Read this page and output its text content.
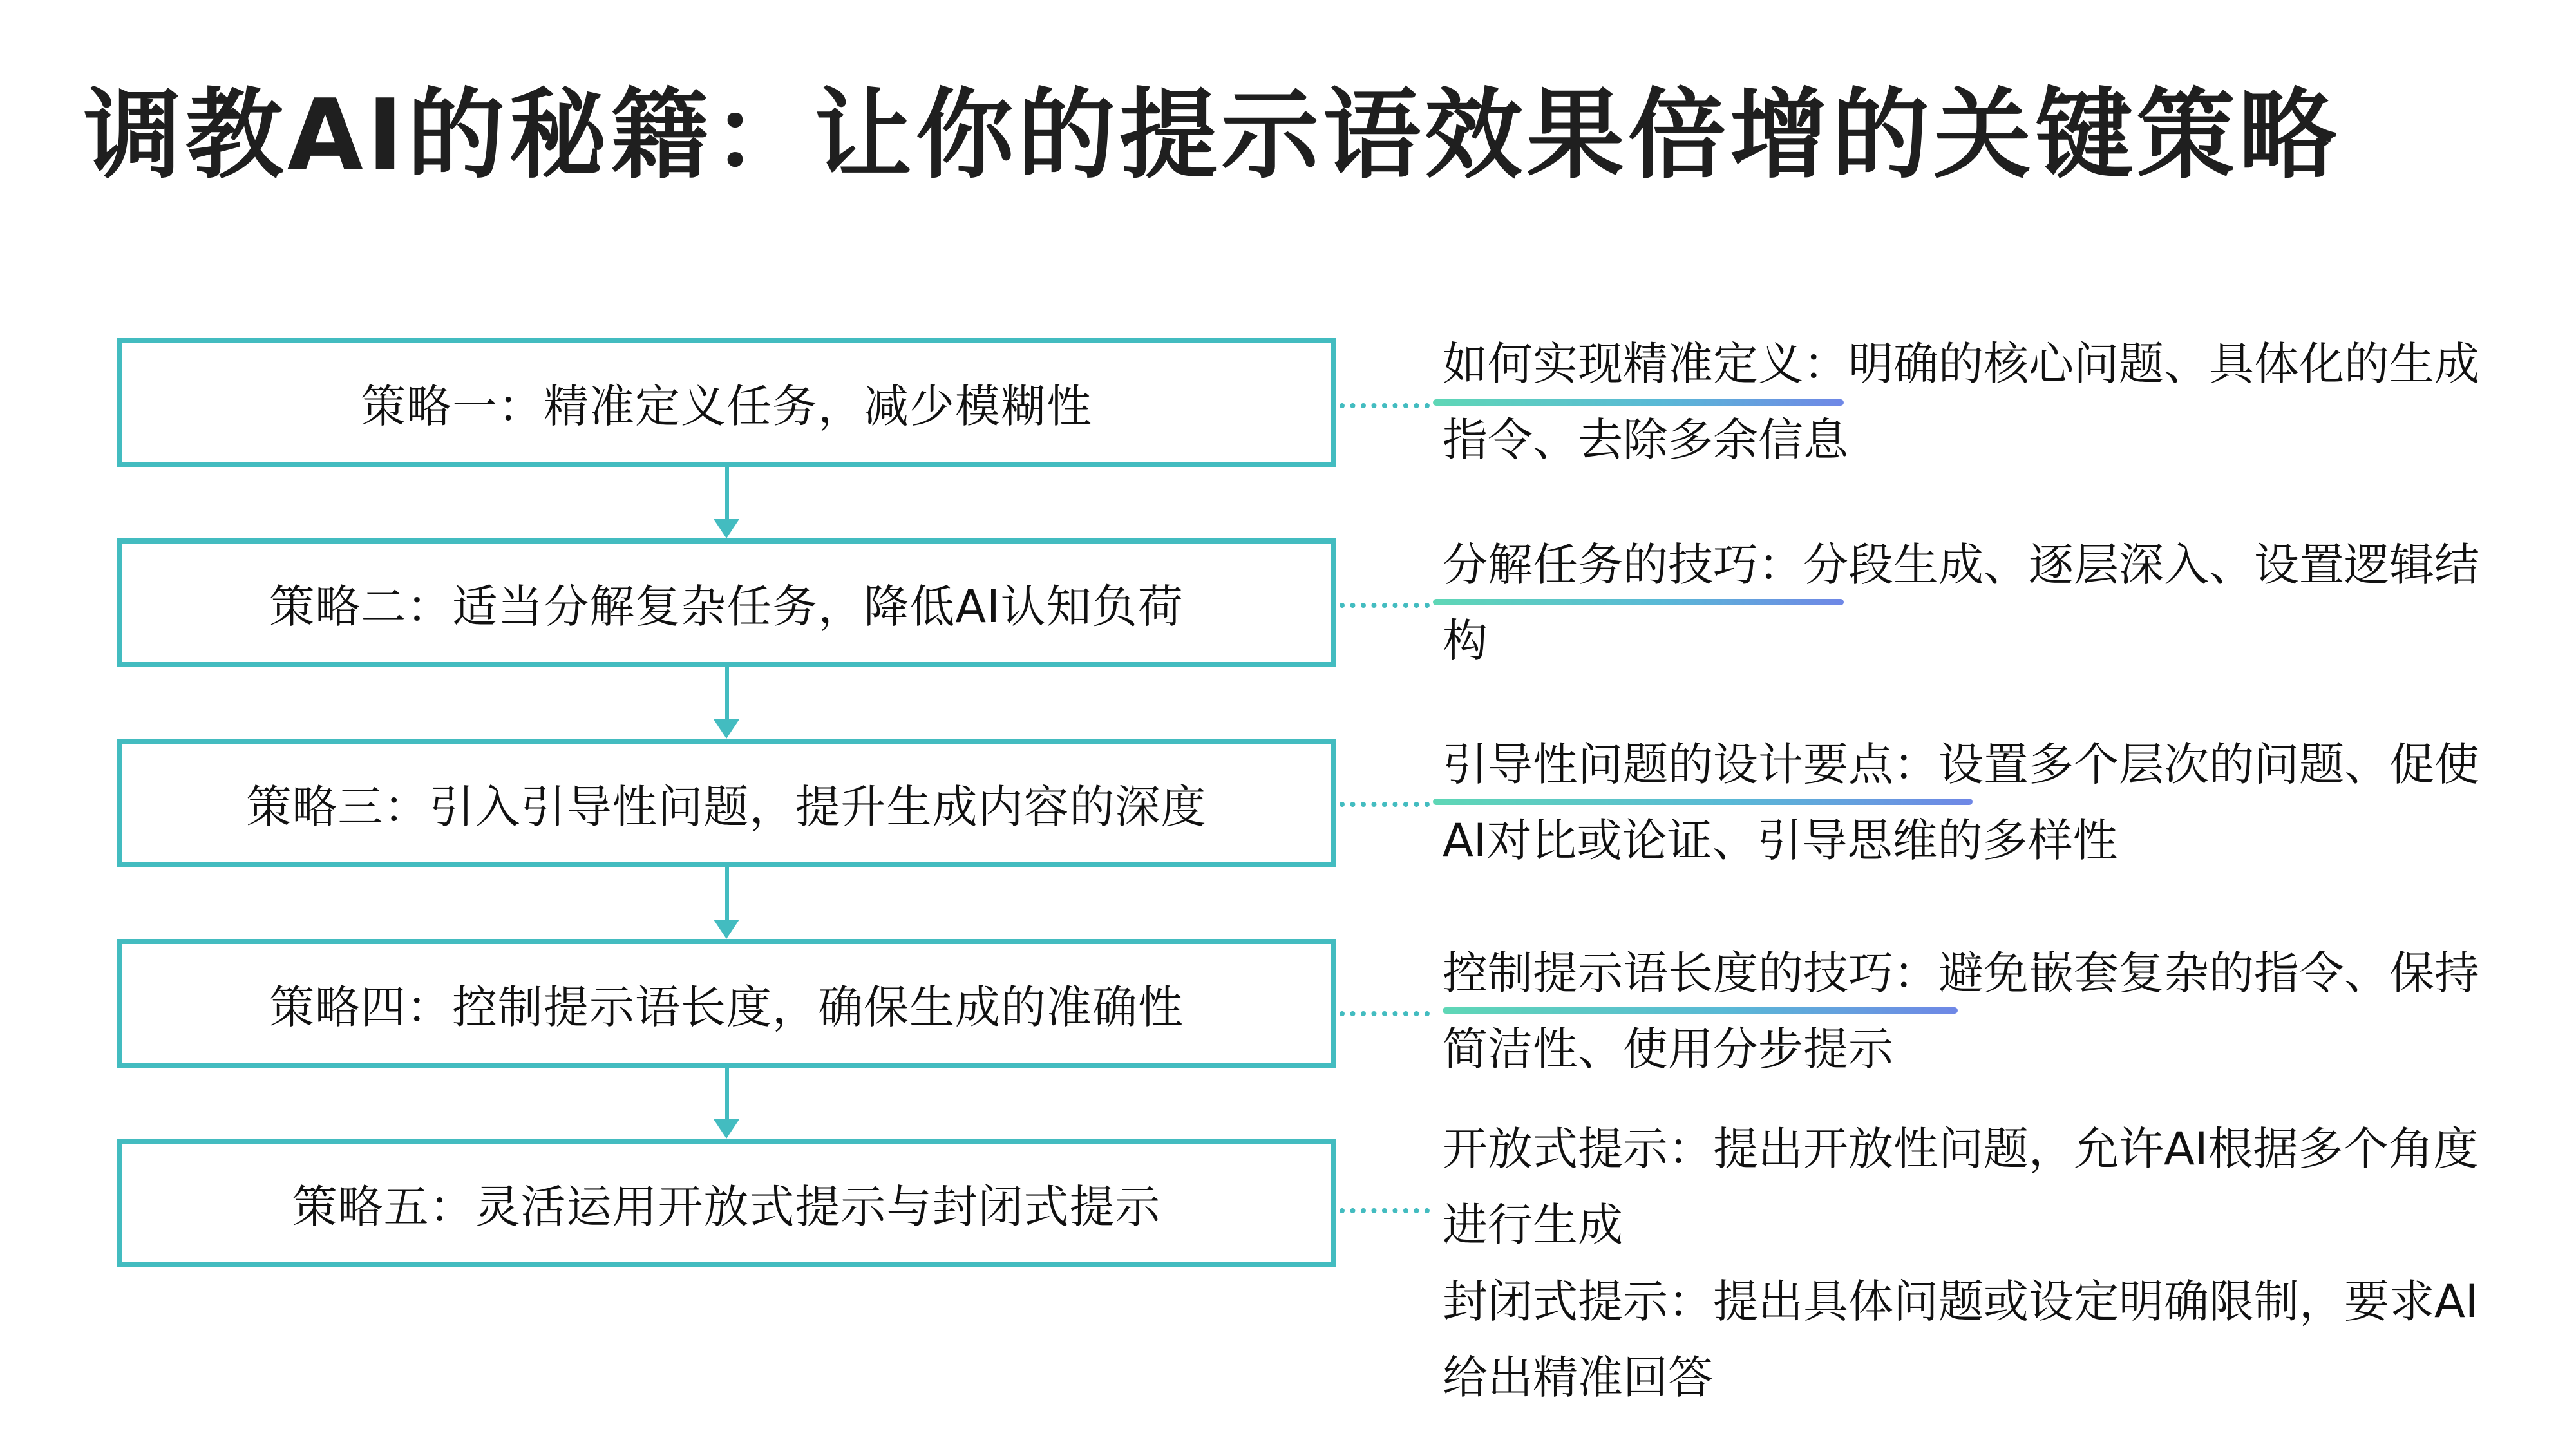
调教AI的秘籍：让你的提示语效果倍增的关键策略
策略一：精准定义任务，减少模糊性
策略二：适当分解复杂任务，降低AI认知负荷
策略三：引入引导性问题，提升生成内容的深度
策略四：控制提示语长度，确保生成的准确性
策略五：灵活运用开放式提示与封闭式提示
如何实现精准定义：明确的核心问题、具体化的生成指令、去除多余信息
分解任务的技巧：分段生成、逐层深入、设置逻辑结构
引导性问题的设计要点：设置多个层次的问题、促使AI对比或论证、引导思维的多样性
控制提示语长度的技巧：避免嵌套复杂的指令、保持简洁性、使用分步提示
开放式提示：提出开放性问题，允许AI根据多个角度进行生成
封闭式提示：提出具体问题或设定明确限制，要求AI给出精准回答
